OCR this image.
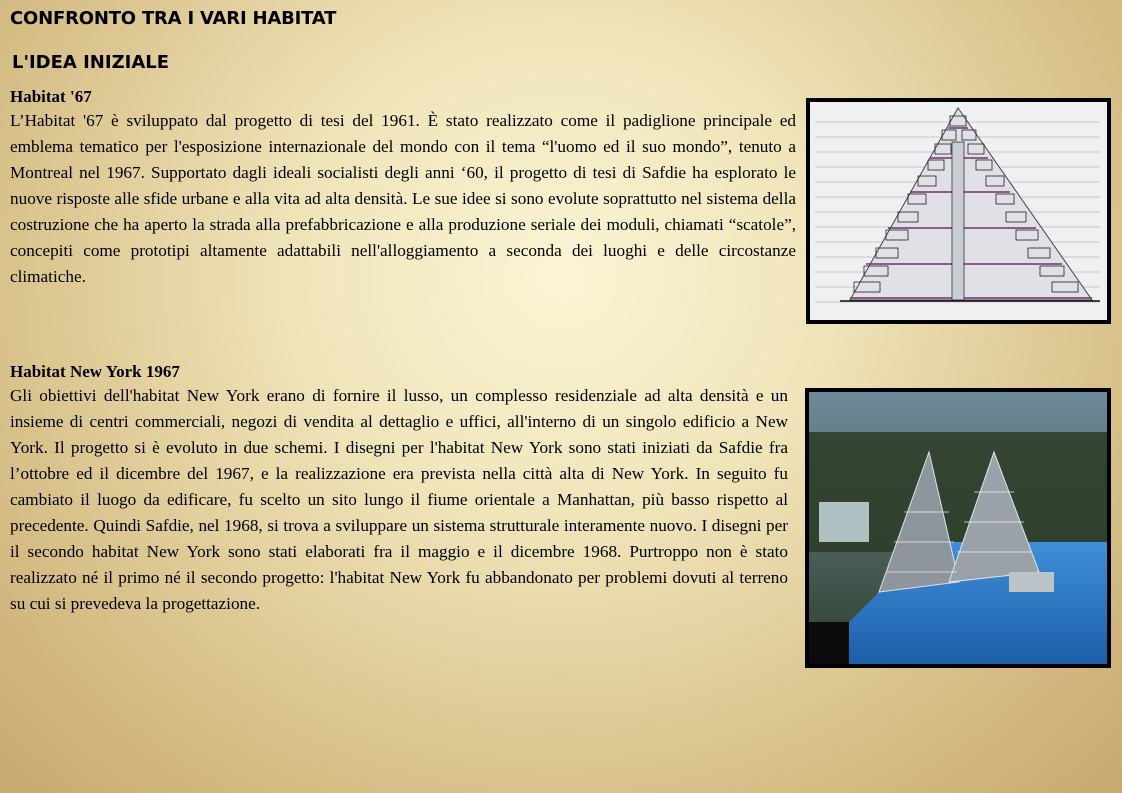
CONFRONTO TRA I VARI HABITAT
L'IDEA INIZIALE
Habitat '67

L’Habitat '67 è sviluppato dal progetto di tesi del 1961. È stato realizzato come il padiglione principale ed emblema tematico per l'esposizione internazionale del mondo con il tema “l'uomo ed il suo mondo”, tenuto a Montreal nel 1967. Supportato dagli ideali socialisti degli anni ‘60, il progetto di tesi di Safdie ha esplorato le nuove risposte alle sfide urbane e alla vita ad alta densità. Le sue idee si sono evolute soprattutto nel sistema della costruzione che ha aperto la strada alla prefabbricazione e alla produzione seriale dei moduli, chiamati “scatole”, concepiti come prototipi altamente adattabili nell'alloggiamento a seconda dei luoghi e delle circostanze climatiche.

Habitat New York 1967

Gli obiettivi dell'habitat New York erano di fornire il lusso, un complesso residenziale ad alta densità e un insieme di centri commerciali, negozi di vendita al dettaglio e uffici, all'interno di un singolo edificio a New York. Il progetto si è evoluto in due schemi. I disegni per l'habitat New York sono stati iniziati da Safdie fra l’ottobre ed il dicembre del 1967, e la realizzazione era prevista nella città alta di New York. In seguito fu cambiato il luogo da edificare, fu scelto un sito lungo il fiume orientale a Manhattan, più basso rispetto al precedente. Quindi Safdie, nel 1968, si trova a sviluppare un sistema strutturale interamente nuovo. I disegni per il secondo habitat New York sono stati elaborati fra il maggio e il dicembre 1968. Purtroppo non è stato realizzato né il primo né il secondo progetto: l'habitat New York fu abbandonato per problemi dovuti al terreno su cui si prevedeva la progettazione.
